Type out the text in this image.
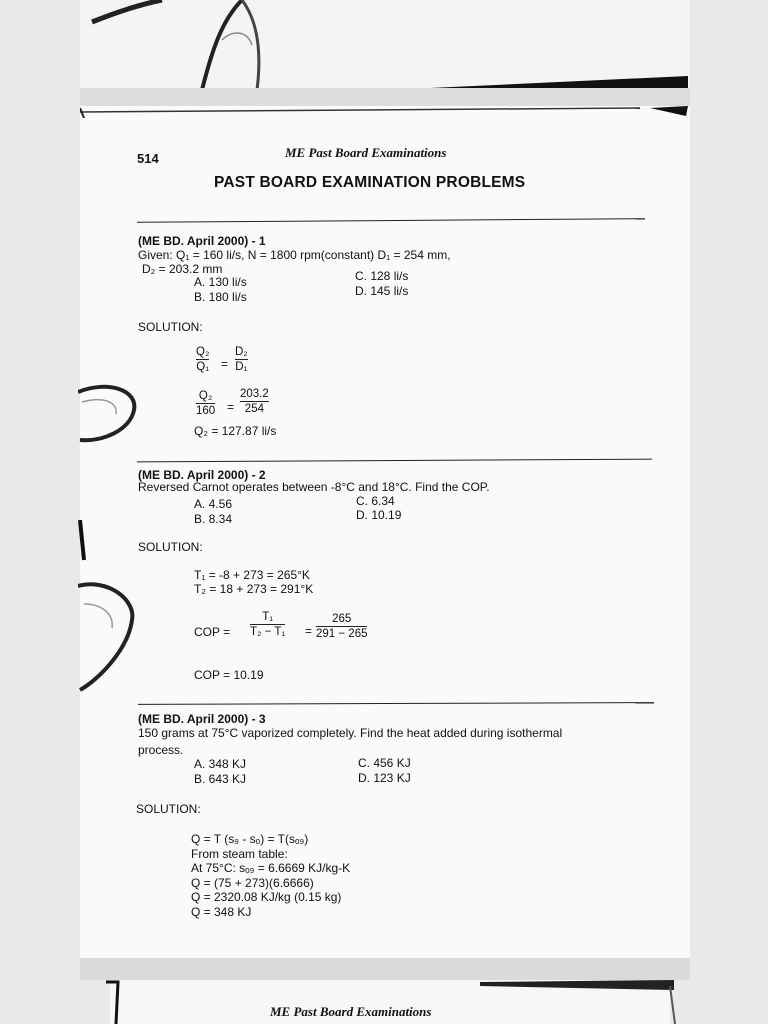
514	ME Past Board Examinations
PAST BOARD EXAMINATION PROBLEMS
(ME BD. April 2000) - 1
Given: Q₁ = 160 li/s, N = 1800 rpm(constant) D₁ = 254 mm,
D₂ = 203.2 mm
A. 130 li/s
B. 180 li/s
C. 128 li/s
D. 145 li/s
SOLUTION:
Q₂
Q₁ =
D₂
D₁
Q₂
160 =
203.2
254
Q₂ = 127.87 li/s
(ME BD. April 2000) - 2
Reversed Carnot operates between -8°C and 18°C. Find the COP.
A. 4.56
B. 8.34
C. 6.34
D. 10.19
SOLUTION:
T₁ = -8 + 273 = 265°K
T₂ = 18 + 273 = 291°K
COP =
T₁
T₂ − T₁ =
265
291 − 265
COP = 10.19
(ME BD. April 2000) - 3
150 grams at 75°C vaporized completely. Find the heat added during isothermal
process.
A. 348 KJ
B. 643 KJ
C. 456 KJ
D. 123 KJ
SOLUTION:
Q = T (s₉ - sₒ) = T(sₒ₉)
From steam table:
At 75°C: sₒ₉ = 6.6669 KJ/kg-K
Q = (75 + 273)(6.6666)
Q = 2320.08 KJ/kg (0.15 kg)
Q = 348 KJ
ME Past Board Examinations
